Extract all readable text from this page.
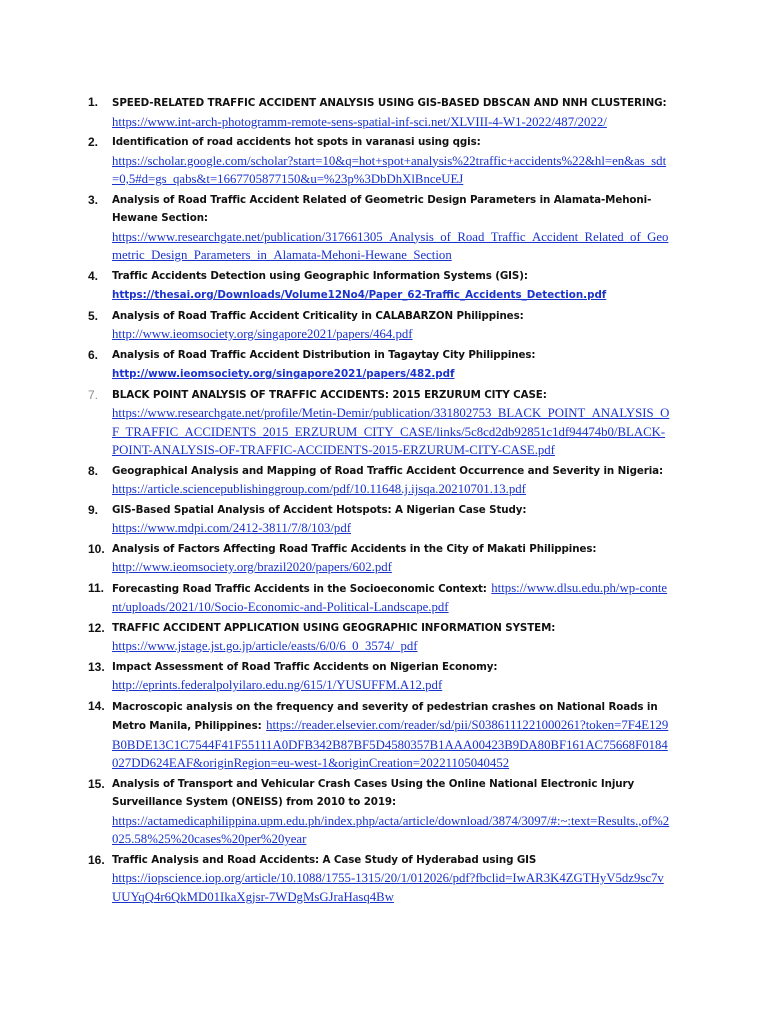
1. SPEED-RELATED TRAFFIC ACCIDENT ANALYSIS USING GIS-BASED DBSCAN AND NNH CLUSTERING: https://www.int-arch-photogramm-remote-sens-spatial-inf-sci.net/XLVIII-4-W1-2022/487/2022/
2. Identification of road accidents hot spots in varanasi using qgis:
https://scholar.google.com/scholar?start=10&q=hot+spot+analysis%22traffic+accidents%22&hl=en&as_sdt=0,5#d=gs_qabs&t=1667705877150&u=%23p%3DbDhXlBnceUEJ
3. Analysis of Road Traffic Accident Related of Geometric Design Parameters in Alamata-Mehoni-Hewane Section:
https://www.researchgate.net/publication/317661305_Analysis_of_Road_Traffic_Accident_Related_of_Geometric_Design_Parameters_in_Alamata-Mehoni-Hewane_Section
4. Traffic Accidents Detection using Geographic Information Systems (GIS):
https://thesai.org/Downloads/Volume12No4/Paper_62-Traffic_Accidents_Detection.pdf
5. Analysis of Road Traffic Accident Criticality in CALABARZON Philippines:
http://www.ieomsociety.org/singapore2021/papers/464.pdf
6. Analysis of Road Traffic Accident Distribution in Tagaytay City Philippines:
http://www.ieomsociety.org/singapore2021/papers/482.pdf
7. BLACK POINT ANALYSIS OF TRAFFIC ACCIDENTS: 2015 ERZURUM CITY CASE:
https://www.researchgate.net/profile/Metin-Demir/publication/331802753_BLACK_POINT_ANALYSIS_OF_TRAFFIC_ACCIDENTS_2015_ERZURUM_CITY_CASE/links/5c8cd2db92851c1df94474b0/BLACK-POINT-ANALYSIS-OF-TRAFFIC-ACCIDENTS-2015-ERZURUM-CITY-CASE.pdf
8. Geographical Analysis and Mapping of Road Traffic Accident Occurrence and Severity in Nigeria:
https://article.sciencepublishinggroup.com/pdf/10.11648.j.ijsqa.20210701.13.pdf
9. GIS-Based Spatial Analysis of Accident Hotspots: A Nigerian Case Study:
https://www.mdpi.com/2412-3811/7/8/103/pdf
10. Analysis of Factors Affecting Road Traffic Accidents in the City of Makati Philippines:
http://www.ieomsociety.org/brazil2020/papers/602.pdf
11. Forecasting Road Traffic Accidents in the Socioeconomic Context: https://www.dlsu.edu.ph/wp-content/uploads/2021/10/Socio-Economic-and-Political-Landscape.pdf
12. TRAFFIC ACCIDENT APPLICATION USING GEOGRAPHIC INFORMATION SYSTEM:
https://www.jstage.jst.go.jp/article/easts/6/0/6_0_3574/_pdf
13. Impact Assessment of Road Traffic Accidents on Nigerian Economy:
http://eprints.federalpolyilaro.edu.ng/615/1/YUSUFFM.A12.pdf
14. Macroscopic analysis on the frequency and severity of pedestrian crashes on National Roads in Metro Manila, Philippines: https://reader.elsevier.com/reader/sd/pii/S0386111221000261?token=7F4E129B0BDE13C1C7544F41F55111A0DFB342B87BF5D4580357B1AAA00423B9DA80BF161AC75668F0184027DD624EAF&originRegion=eu-west-1&originCreation=20221105040452
15. Analysis of Transport and Vehicular Crash Cases Using the Online National Electronic Injury Surveillance System (ONEISS) from 2010 to 2019:
https://actamedicaphilippina.upm.edu.ph/index.php/acta/article/download/3874/3097/#:~:text=Results.,of%2025.58%25%20cases%20per%20year
16. Traffic Analysis and Road Accidents: A Case Study of Hyderabad using GIS
https://iopscience.iop.org/article/10.1088/1755-1315/20/1/012026/pdf?fbclid=IwAR3K4ZGTHyV5dz9sc7vUUYqQ4r6QkMD01IkaXgjsr-7WDgMsGJraHasq4Bw
